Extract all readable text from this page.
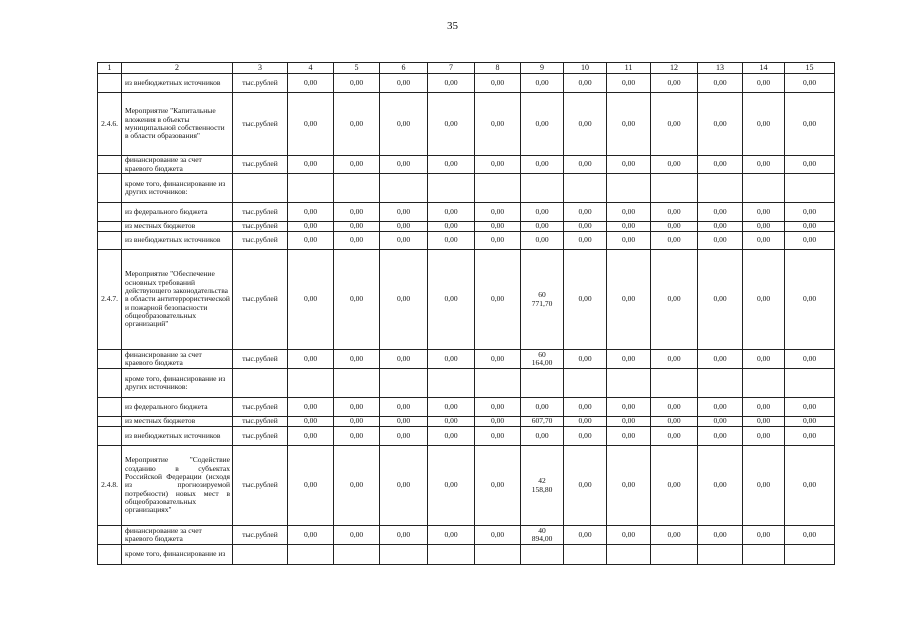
35
1	2	3	4	5	6	7	8	9	10	11	12	13	14	15
	из внебюджетных источников	тыс.рублей	0,00	0,00	0,00	0,00	0,00	0,00	0,00	0,00	0,00	0,00	0,00	0,00
2.4.6.	Мероприятие "Капитальные вложения в объекты муниципальной собственности в области образования"	тыс.рублей	0,00	0,00	0,00	0,00	0,00	0,00	0,00	0,00	0,00	0,00	0,00	0,00
	финансирование за счет краевого бюджета	тыс.рублей	0,00	0,00	0,00	0,00	0,00	0,00	0,00	0,00	0,00	0,00	0,00	0,00
	кроме того, финансирование из других источников:													
	из федерального бюджета	тыс.рублей	0,00	0,00	0,00	0,00	0,00	0,00	0,00	0,00	0,00	0,00	0,00	0,00
	из местных бюджетов	тыс.рублей	0,00	0,00	0,00	0,00	0,00	0,00	0,00	0,00	0,00	0,00	0,00	0,00
	из внебюджетных источников	тыс.рублей	0,00	0,00	0,00	0,00	0,00	0,00	0,00	0,00	0,00	0,00	0,00	0,00
2.4.7.	Мероприятие "Обеспечение основных требований действующего законодательства в области антитеррористической и пожарной безопасности общеобразовательных организаций"	тыс.рублей	0,00	0,00	0,00	0,00	0,00	60 771,70	0,00	0,00	0,00	0,00	0,00	0,00
	финансирование за счет краевого бюджета	тыс.рублей	0,00	0,00	0,00	0,00	0,00	60 164,00	0,00	0,00	0,00	0,00	0,00	0,00
	кроме того, финансирование из других источников:													
	из федерального бюджета	тыс.рублей	0,00	0,00	0,00	0,00	0,00	0,00	0,00	0,00	0,00	0,00	0,00	0,00
	из местных бюджетов	тыс.рублей	0,00	0,00	0,00	0,00	0,00	607,70	0,00	0,00	0,00	0,00	0,00	0,00
	из внебюджетных источников	тыс.рублей	0,00	0,00	0,00	0,00	0,00	0,00	0,00	0,00	0,00	0,00	0,00	0,00
2.4.8.	Мероприятие "Содействие созданию в субъектах Российской Федерации (исходя из прогнозируемой потребности) новых мест в общеобразовательных организациях"	тыс.рублей	0,00	0,00	0,00	0,00	0,00	42 158,80	0,00	0,00	0,00	0,00	0,00	0,00
	финансирование за счет краевого бюджета	тыс.рублей	0,00	0,00	0,00	0,00	0,00	40 894,00	0,00	0,00	0,00	0,00	0,00	0,00
	кроме того, финансирование из													
